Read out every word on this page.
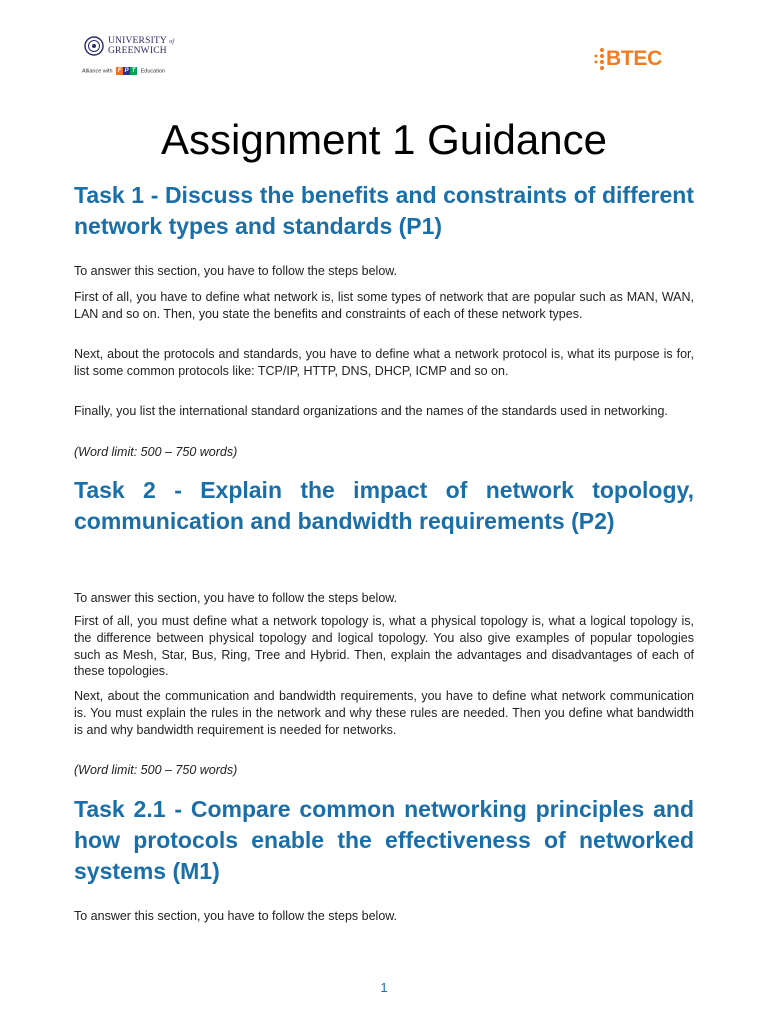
UNIVERSITY of
GREENWICH
Alliance with F P T Education
BTEC
Assignment 1 Guidance
Task 1 - Discuss the benefits and constraints of different network types and standards (P1)

To answer this section, you have to follow the steps below.

First of all, you have to define what network is, list some types of network that are popular such as MAN, WAN, LAN and so on. Then, you state the benefits and constraints of each of these network types.

Next, about the protocols and standards, you have to define what a network protocol is, what its purpose is for, list some common protocols like: TCP/IP, HTTP, DNS, DHCP, ICMP and so on.

Finally, you list the international standard organizations and the names of the standards used in networking.

(Word limit: 500 – 750 words)

Task 2 - Explain the impact of network topology, communication and bandwidth requirements (P2)

To answer this section, you have to follow the steps below.

First of all, you must define what a network topology is, what a physical topology is, what a logical topology is, the difference between physical topology and logical topology. You also give examples of popular topologies such as Mesh, Star, Bus, Ring, Tree and Hybrid. Then, explain the advantages and disadvantages of each of these topologies.

Next, about the communication and bandwidth requirements, you have to define what network communication is. You must explain the rules in the network and why these rules are needed. Then you define what bandwidth is and why bandwidth requirement is needed for networks.

(Word limit: 500 – 750 words)

Task 2.1 - Compare common networking principles and how protocols enable the effectiveness of networked systems (M1)

To answer this section, you have to follow the steps below.

1
